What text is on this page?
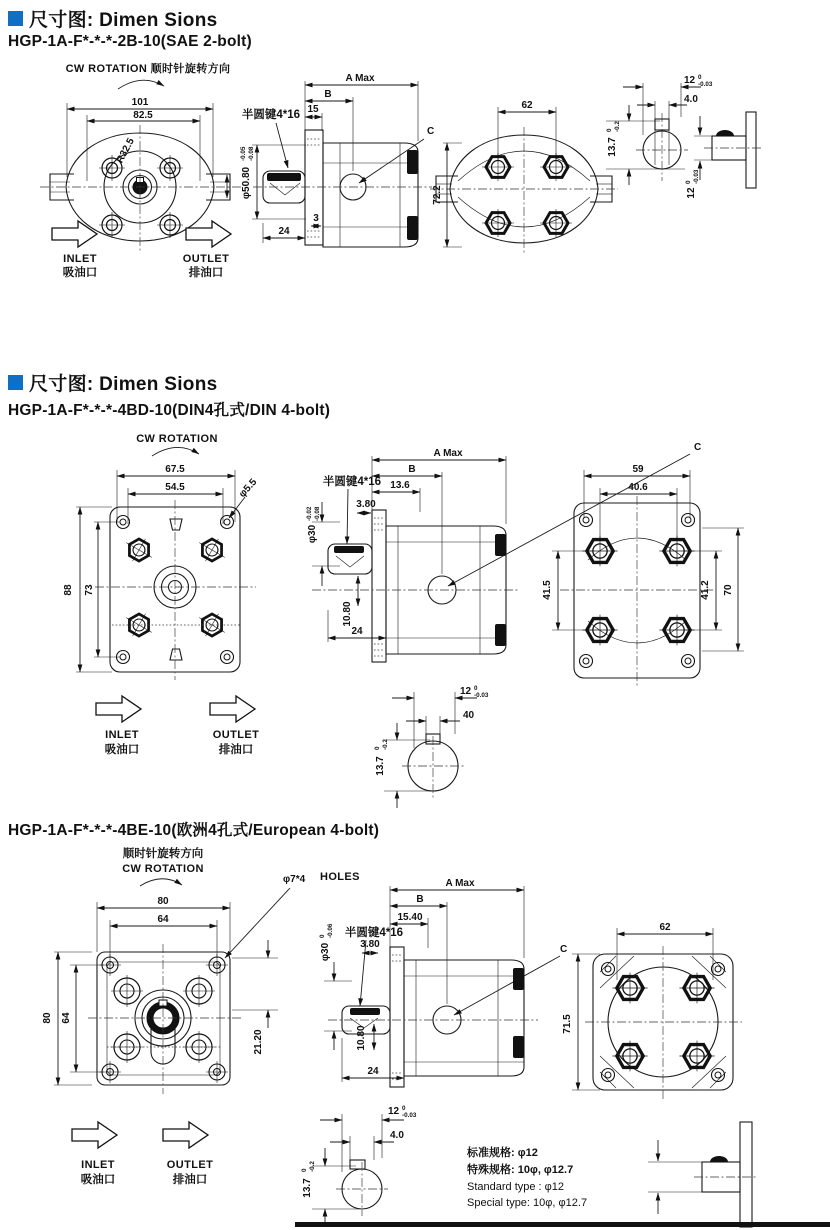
尺寸图: Dimen Sions
HGP-1A-F*-*-*-2B-10(SAE 2-bolt)
CW ROTATION 顺时针旋转方向
101
82.5
R32.5
INLET
吸油口
OUTLET
排油口
A Max
B
15
半圆键4*16
φ50.80
-0.05 -0.08
24
3
C
62
72.2
12 0
-0.03
4.0
13.7
0 -0.2
12
0 -0.03
尺寸图: Dimen Sions
HGP-1A-F*-*-*-4BD-10(DIN4孔式/DIN 4-bolt)
CW ROTATION
67.5
54.5	φ5.5
88 73
INLET
吸油口
OUTLET
排油口
A Max
B
13.6
半圆键4*16
3.80
φ30
-0.02 -0.08
10.80
24
C
59
40.6
41.5	41.2 70
12 0
-0.03
40
13.7
0 -0.2
HGP-1A-F*-*-*-4BE-10(欧洲4孔式/European 4-bolt)
顺时针旋转方向
CW ROTATION
φ7*4 HOLES
80
64
80 64
21.20
INLET
吸油口
OUTLET
排油口
A Max
B
15.40
半圆键4*16
3.80
φ30
0 -0.06
10.80
24
C
62
71.5
12 0
-0.03
4.0
13.7
0 -0.2
标准规格: φ12
特殊规格: 10φ, φ12.7
Standard type : φ12
Special type: 10φ, φ12.7
